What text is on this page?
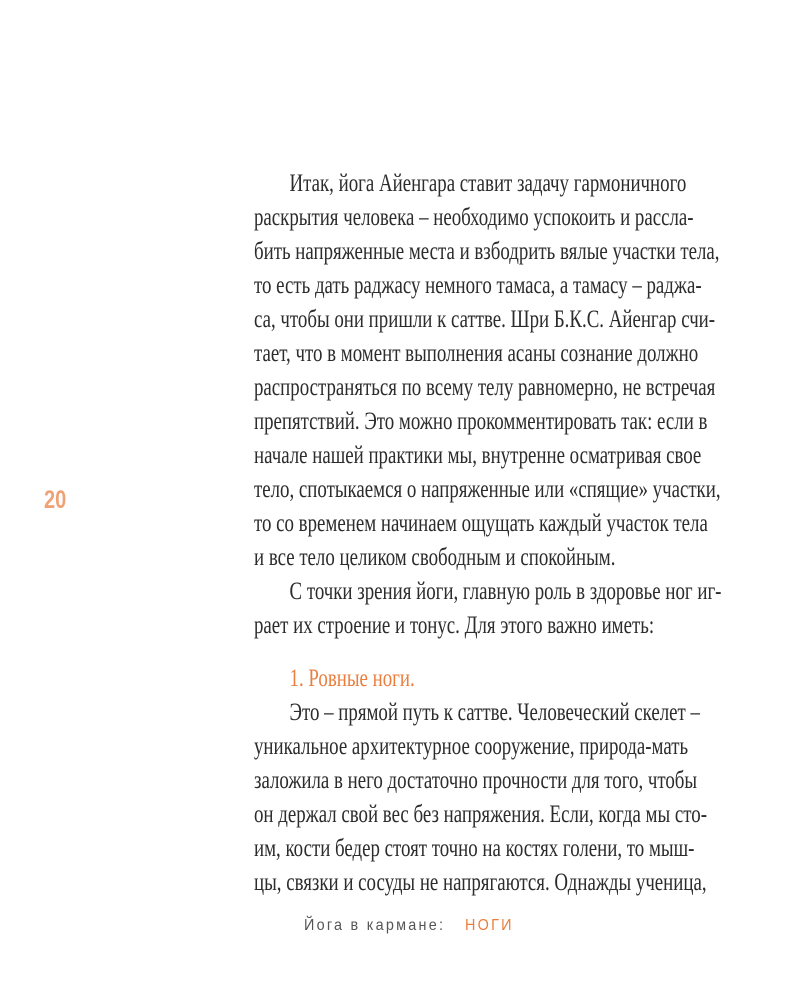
20
Итак, йога Айенгара ставит задачу гармоничного
раскрытия человека – необходимо успокоить и рассла-
бить напряженные места и взбодрить вялые участки тела,
то есть дать раджасу немного тамаса, а тамасу – раджа-
са, чтобы они пришли к саттве. Шри Б.К.С. Айенгар счи-
тает, что в момент выполнения асаны сознание должно
распространяться по всему телу равномерно, не встречая
препятствий. Это можно прокомментировать так: если в
начале нашей практики мы, внутренне осматривая свое
тело, спотыкаемся о напряженные или «спящие» участки,
то со временем начинаем ощущать каждый участок тела
и все тело целиком свободным и спокойным.
С точки зрения йоги, главную роль в здоровье ног иг-
рает их строение и тонус. Для этого важно иметь:
1. Ровные ноги.
Это – прямой путь к саттве. Человеческий скелет –
уникальное архитектурное сооружение, природа-мать
заложила в него достаточно прочности для того, чтобы
он держал свой вес без напряжения. Если, когда мы сто-
им, кости бедер стоят точно на костях голени, то мыш-
цы, связки и сосуды не напрягаются. Однажды ученица,
Йога в кармане: НОГИ
